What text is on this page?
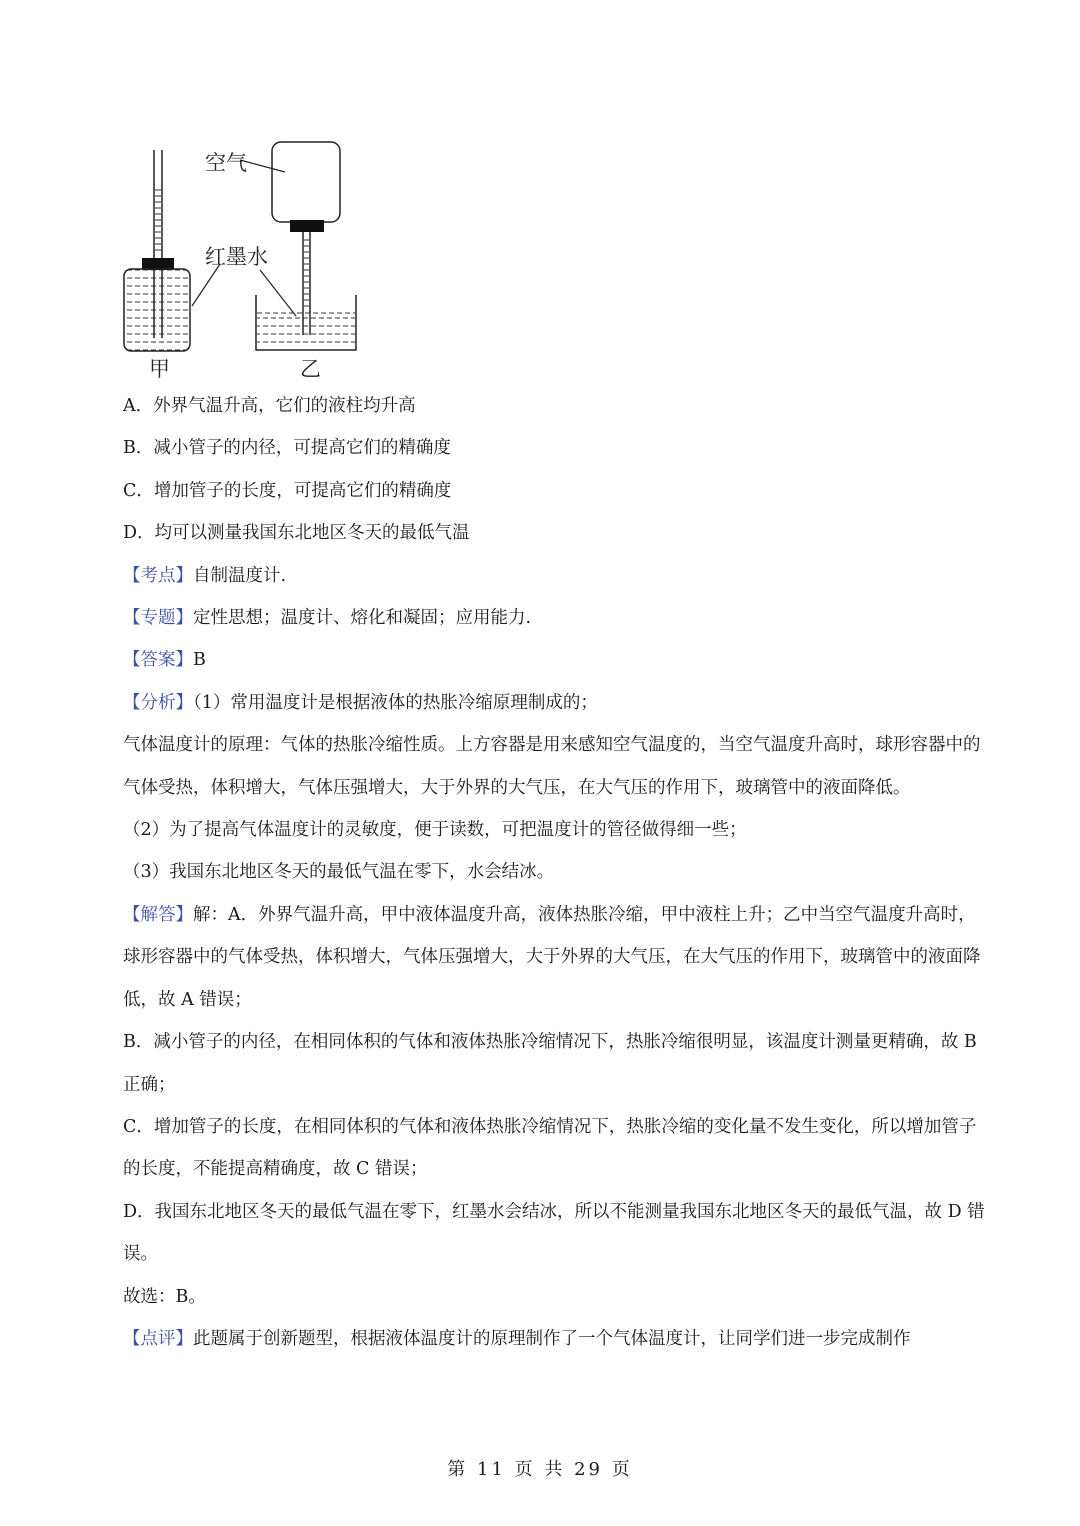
空气
红墨水
甲	乙
A．外界气温升高，它们的液柱均升高
B．减小管子的内径，可提高它们的精确度
C．增加管子的长度，可提高它们的精确度
D．均可以测量我国东北地区冬天的最低气温
【考点】自制温度计.
【专题】定性思想；温度计、熔化和凝固；应用能力.
【答案】B
【分析】（1）常用温度计是根据液体的热胀冷缩原理制成的；
气体温度计的原理：气体的热胀冷缩性质。上方容器是用来感知空气温度的，当空气温度升高时，球形容器中的气体受热，体积增大，气体压强增大，大于外界的大气压，在大气压的作用下，玻璃管中的液面降低。
（2）为了提高气体温度计的灵敏度，便于读数，可把温度计的管径做得细一些；
（3）我国东北地区冬天的最低气温在零下，水会结冰。
【解答】解：A．外界气温升高，甲中液体温度升高，液体热胀冷缩，甲中液柱上升；乙中当空气温度升高时，球形容器中的气体受热，体积增大，气体压强增大，大于外界的大气压，在大气压的作用下，玻璃管中的液面降低，故 A 错误；
B．减小管子的内径，在相同体积的气体和液体热胀冷缩情况下，热胀冷缩很明显，该温度计测量更精确，故 B 正确；
C．增加管子的长度，在相同体积的气体和液体热胀冷缩情况下，热胀冷缩的变化量不发生变化，所以增加管子的长度，不能提高精确度，故 C 错误；
D．我国东北地区冬天的最低气温在零下，红墨水会结冰，所以不能测量我国东北地区冬天的最低气温，故 D 错误。
故选：B。
【点评】此题属于创新题型，根据液体温度计的原理制作了一个气体温度计，让同学们进一步完成制作
第 11 页 共 29 页
